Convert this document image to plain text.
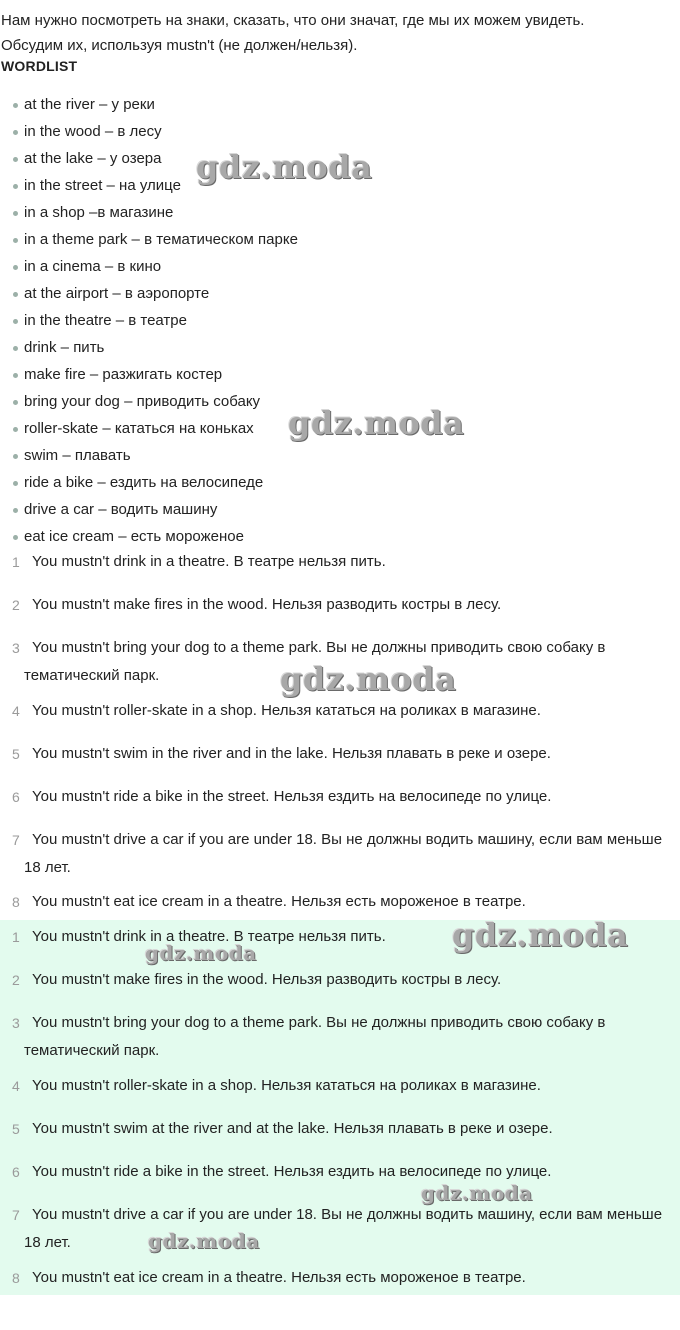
Нам нужно посмотреть на знаки, сказать, что они значат, где мы их можем увидеть.

Обсудим их, используя mustn't (не должен/нельзя).

WORDLIST
at the river – у реки
in the wood – в лесу
at the lake – у озера
in the street – на улице
in a shop –в магазине
in a theme park – в тематическом парке
in a cinema – в кино
at the airport – в аэропорте
in the theatre – в театре
drink – пить
make fire – разжигать костер
bring your dog – приводить собаку
roller-skate – кататься на коньках
swim – плавать
ride a bike – ездить на велосипеде
drive a car – водить машину
eat ice cream – есть мороженое
1 You mustn't drink in a theatre. В театре нельзя пить.
2 You mustn't make fires in the wood. Нельзя разводить костры в лесу.
3 You mustn't bring your dog to a theme park. Вы не должны приводить свою собаку в тематический парк.
4 You mustn't roller-skate in a shop. Нельзя кататься на роликах в магазине.
5 You mustn't swim in the river and in the lake. Нельзя плавать в реке и озере.
6 You mustn't ride a bike in the street. Нельзя ездить на велосипеде по улице.
7 You mustn't drive a car if you are under 18. Вы не должны водить машину, если вам меньше 18 лет.
8 You mustn't eat ice cream in a theatre. Нельзя есть мороженое в театре.
1 You mustn't drink in a theatre. В театре нельзя пить.
2 You mustn't make fires in the wood. Нельзя разводить костры в лесу.
3 You mustn't bring your dog to a theme park. Вы не должны приводить свою собаку в тематический парк.
4 You mustn't roller-skate in a shop. Нельзя кататься на роликах в магазине.
5 You mustn't swim at the river and at the lake. Нельзя плавать в реке и озере.
6 You mustn't ride a bike in the street. Нельзя ездить на велосипеде по улице.
7 You mustn't drive a car if you are under 18. Вы не должны водить машину, если вам меньше 18 лет.
8 You mustn't eat ice cream in a theatre. Нельзя есть мороженое в театре.
gdz.moda
gdz.moda
gdz.moda
gdz.moda
gdz.moda
gdz.moda
gdz.moda
